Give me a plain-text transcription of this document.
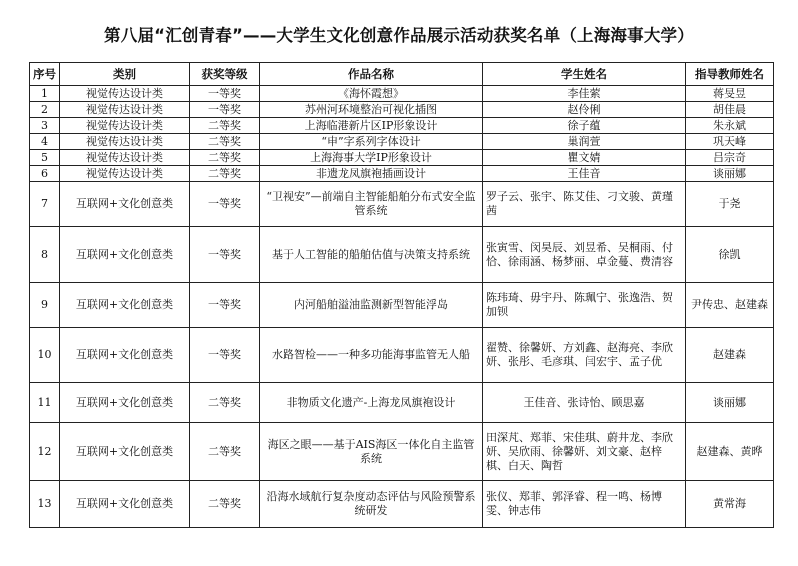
第八届“汇创青春”——大学生文化创意作品展示活动获奖名单（上海海事大学）
序号	类别	获奖等级	作品名称	学生姓名	指导教师姓名
1	视觉传达设计类	一等奖	《海怀霞想》	李佳萦	蒋旻昱
2	视觉传达设计类	一等奖	苏州河环境整治可视化插图	赵伶俐	胡佳晨
3	视觉传达设计类	二等奖	上海临港新片区IP形象设计	徐子蕴	朱永斌
4	视觉传达设计类	二等奖	“申”字系列字体设计	巢润萱	巩天峰
5	视觉传达设计类	二等奖	上海海事大学IP形象设计	瞿文婧	吕宗奇
6	视觉传达设计类	二等奖	非遗龙凤旗袍插画设计	王佳音	谈丽娜
7	互联网+文化创意类	一等奖	“卫视安”—前端自主智能船舶分布式安全监管系统	罗子云、张宇、陈艾佳、刁文骏、黄瑾茜	于尧
8	互联网+文化创意类	一等奖	基于人工智能的船舶估值与决策支持系统	张寅雪、闵昊辰、刘昱希、吴桐雨、付恰、徐雨涵、杨梦丽、卓金蔓、费清容	徐凯
9	互联网+文化创意类	一等奖	内河船舶溢油监测新型智能浮岛	陈玮琦、毋宇丹、陈珮宁、张逸浩、贺加钡	尹传忠、赵建森
10	互联网+文化创意类	一等奖	水路智检——一种多功能海事监管无人船	翟赞、徐馨妍、方刘鑫、赵海亮、李欣妍、张彤、毛彦琪、闫宏宇、孟子优	赵建森
11	互联网+文化创意类	二等奖	非物质文化遗产-上海龙凤旗袍设计	王佳音、张诗怡、顾思嘉	谈丽娜
12	互联网+文化创意类	二等奖	海区之眼——基于AIS海区一体化自主监管系统	田深芃、郑菲、宋佳琪、蔚井龙、李欣妍、吴欣雨、徐馨妍、刘文豪、赵梓棋、白天、陶哲	赵建森、黄晔
13	互联网+文化创意类	二等奖	沿海水域航行复杂度动态评估与风险预警系统研发	张仪、郑菲、郭泽睿、程一鸣、杨博雯、钟志伟	黄常海
